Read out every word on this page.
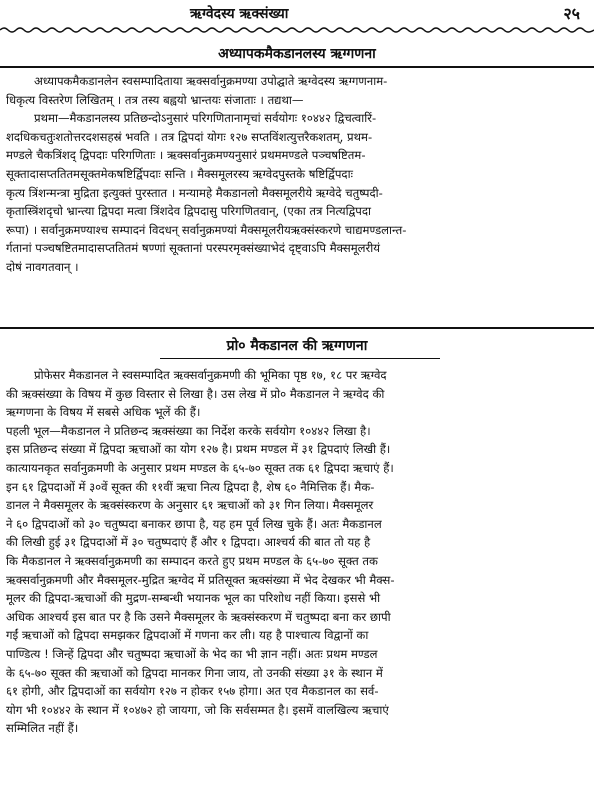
ऋग्वेदस्य ऋक्संख्या	२५
अध्यापकमैकडानलस्य ऋग्गणना
अध्यापकमैकडानलेन स्वसम्पादिताया ऋक्सर्वानुक्रमण्या उपोद्घाते ऋग्वेदस्य ऋग्गणनाम-
धिकृत्य विस्तरेण लिखितम् । तत्र तस्य बह्वयो भ्रान्तयः संजाताः । तद्यथा—
प्रथमा—मैकडानलस्य प्रतिछन्दोऽनुसारं परिगणितानामृचां सर्वयोगः १०४४२ द्विचत्वारिं-
शदधिकचतुःशतोत्तरदशसहस्रं भवति । तत्र द्विपदां योगः १२७ सप्तविंशत्युत्तरैकशतम्, प्रथम-
मण्डले चैकत्रिंशद् द्विपदाः परिगणिताः । ऋक्सर्वानुक्रमण्यनुसारं प्रथममण्डले पञ्चषष्टितम-
सूक्तादासप्ततितमसूक्तमेकषष्टिर्द्विपदाः सन्ति । मैक्समूलरस्य ऋग्वेदपुस्तके षष्टिर्द्विपदाः
कृत्य त्रिंशन्मन्त्रा मुद्रिता इत्युक्तं पुरस्तात । मन्यामहे मैकडानलो मैक्समूलरीये ऋग्वेदे चतुष्पदी-
कृतास्त्रिंशदृचो भ्रान्त्या द्विपदा मत्वा त्रिंशदेव द्विपदासु परिगणितवान्, (एका तत्र नित्यद्विपदा
रूपा) । सर्वानुक्रमण्याश्च सम्पादनं विदधन् सर्वानुक्रमण्यां मैक्समूलरीयऋक्संस्करणे चाद्यमण्डलान्त-
र्गतानां पञ्चषष्टितमादासप्ततितमं षण्णां सूक्तानां परस्परमृक्संख्याभेदं दृष्ट्वाऽपि मैक्समूलरीयं
दोषं नावगतवान् ।
प्रो० मैकडानल की ऋग्गणना
प्रोफेसर मैकडानल ने स्वसम्पादित ऋक्सर्वानुक्रमणी की भूमिका पृष्ठ १७, १८ पर ऋग्वेद
की ऋक्संख्या के विषय में कुछ विस्तार से लिखा है। उस लेख में प्रो० मैकडानल ने ऋग्वेद की
ऋग्गणना के विषय में सबसे अधिक भूलें की हैं।
पहली भूल—मैकडानल ने प्रतिछन्द ऋक्संख्या का निर्देश करके सर्वयोग १०४४२ लिखा है।
इस प्रतिछन्द संख्या में द्विपदा ऋचाओं का योग १२७ है। प्रथम मण्डल में ३१ द्विपदाएं लिखी हैं।
कात्यायनकृत सर्वानुक्रमणी के अनुसार प्रथम मण्डल के ६५-७० सूक्त तक ६१ द्विपदा ऋचाएं हैं।
इन ६१ द्विपदाओं में ३०वें सूक्त की ११वीं ऋचा नित्य द्विपदा है, शेष ६० नैमित्तिक हैं। मैक-
डानल ने मैक्समूलर के ऋक्संस्करण के अनुसार ६१ ऋचाओं को ३१ गिन लिया। मैक्समूलर
ने ६० द्विपदाओं को ३० चतुष्पदा बनाकर छापा है, यह हम पूर्व लिख चुके हैं। अतः मैकडानल
की लिखी हुई ३१ द्विपदाओं में ३० चतुष्पदाएं हैं और १ द्विपदा। आश्चर्य की बात तो यह है
कि मैकडानल ने ऋक्सर्वानुक्रमणी का सम्पादन करते हुए प्रथम मण्डल के ६५-७० सूक्त तक
ऋक्सर्वानुक्रमणी और मैक्समूलर-मुद्रित ऋग्वेद में प्रतिसूक्त ऋक्संख्या में भेद देखकर भी मैक्स-
मूलर की द्विपदा-ऋचाओं की मुद्रण-सम्बन्धी भयानक भूल का परिशोध नहीं किया। इससे भी
अधिक आश्चर्य इस बात पर है कि उसने मैक्समूलर के ऋक्संस्करण में चतुष्पदा बना कर छापी
गईं ऋचाओं को द्विपदा समझकर द्विपदाओं में गणना कर ली। यह है पाश्चात्य विद्वानों का
पाण्डित्य ! जिन्हें द्विपदा और चतुष्पदा ऋचाओं के भेद का भी ज्ञान नहीं। अतः प्रथम मण्डल
के ६५-७० सूक्त की ऋचाओं को द्विपदा मानकर गिना जाय, तो उनकी संख्या ३१ के स्थान में
६१ होगी, और द्विपदाओं का सर्वयोग १२७ न होकर १५७ होगा। अत एव मैकडानल का सर्व-
योग भी १०४४२ के स्थान में १०४७२ हो जायगा, जो कि सर्वसम्मत है। इसमें वालखिल्य ऋचाएं
सम्मिलित नहीं हैं।
